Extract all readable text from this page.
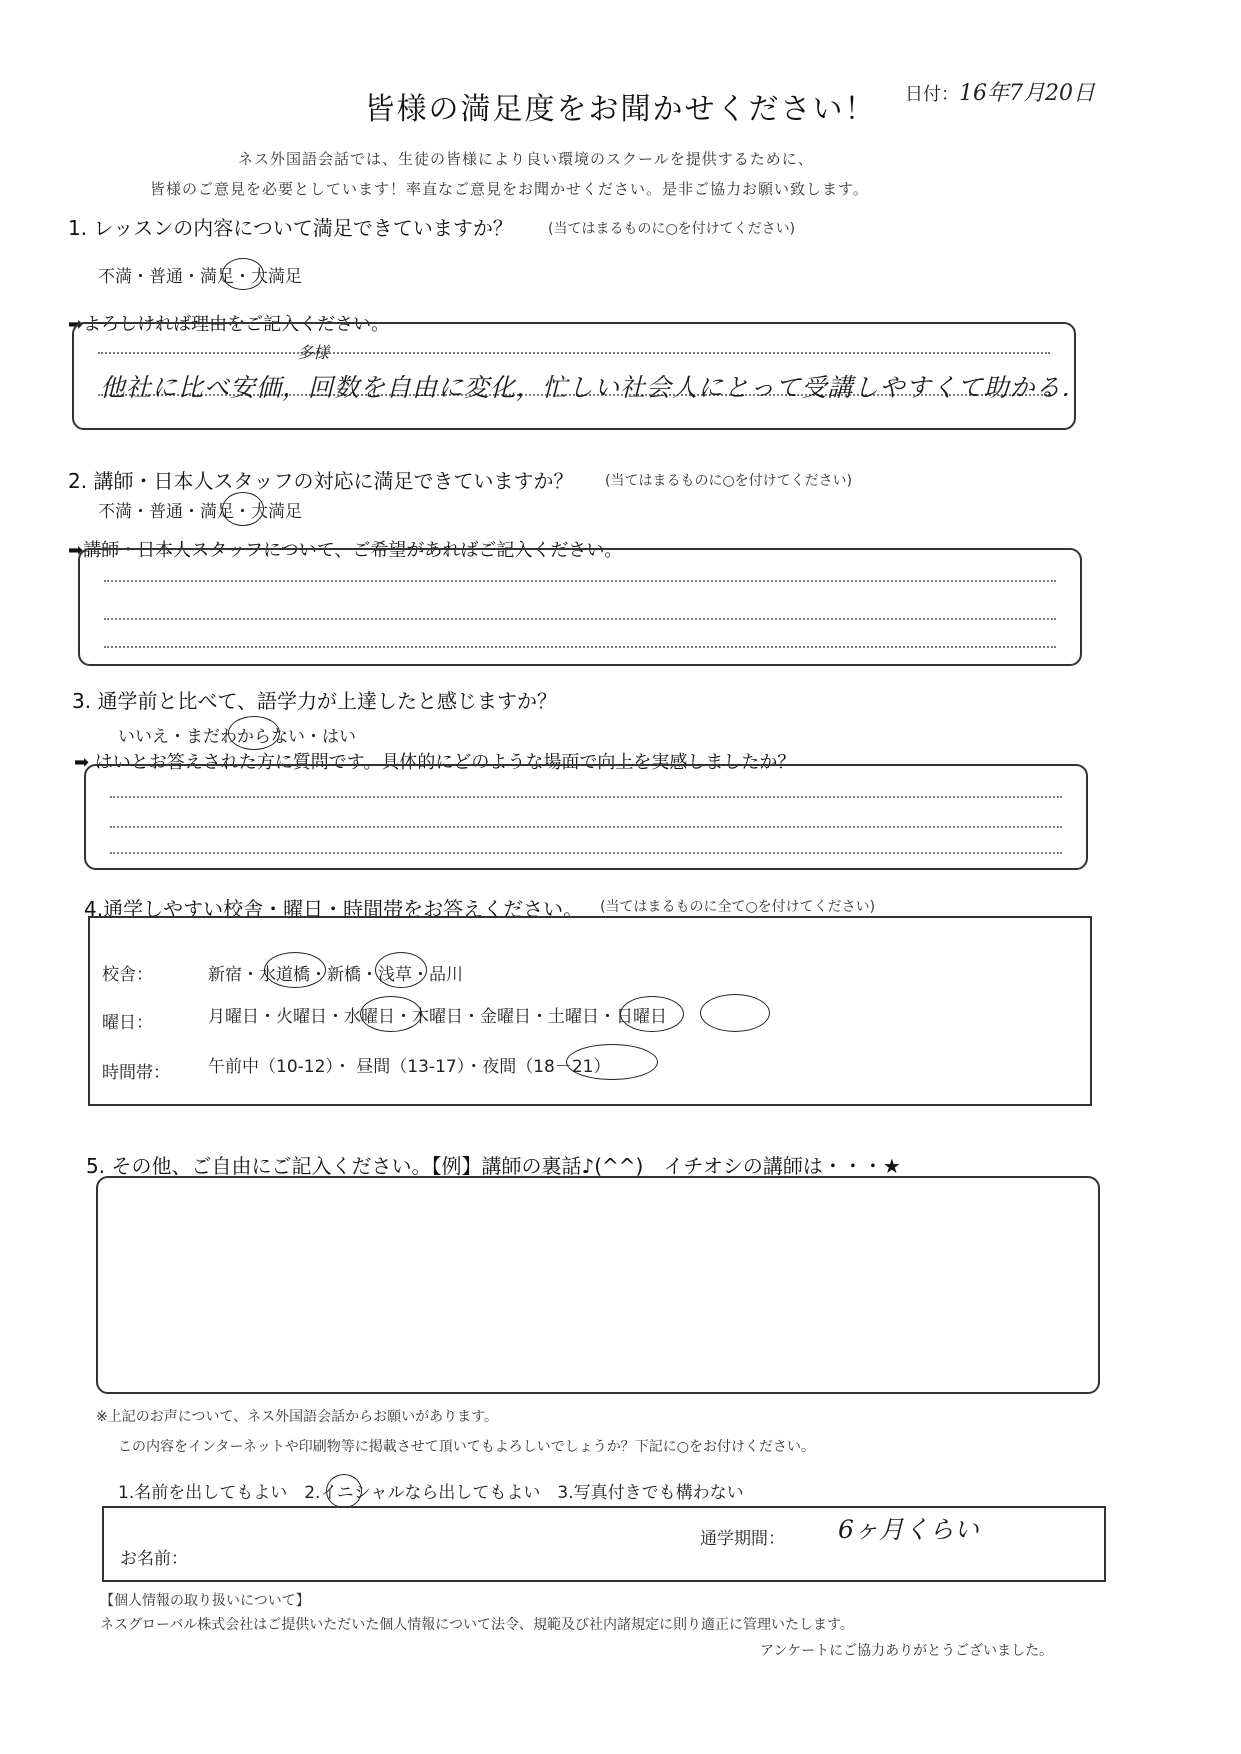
皆様の満足度をお聞かせください！	日付：16年7月20日
ネス外国語会話では、生徒の皆様により良い環境のスクールを提供するために、
皆様のご意見を必要としています！率直なご意見をお聞かせください。是非ご協力お願い致します。
1. レッスンの内容について満足できていますか？	(当てはまるものに○を付けてください)
不満・普通・満足・大満足
➡よろしければ理由をご記入ください。
多様
他社に比べ安価，回数を自由に変化，忙しい社会人にとって受講しやすくて助かる．
2. 講師・日本人スタッフの対応に満足できていますか？ (当てはまるものに○を付けてください)
不満・普通・満足・大満足
➡講師・日本人スタッフについて、ご希望があればご記入ください。
3. 通学前と比べて、語学力が上達したと感じますか？
いいえ・まだわからない・はい
➡ はいとお答えされた方に質問です。具体的にどのような場面で向上を実感しましたか？
4.通学しやすい校舎・曜日・時間帯をお答えください。 (当てはまるものに全て○を付けてください)
校舎：	新宿・水道橋・新橋・浅草・品川
曜日：	月曜日・火曜日・水曜日・木曜日・金曜日・土曜日・日曜日
時間帯： 午前中（10-12）・ 昼間（13-17）・夜間（18－21）
5. その他、ご自由にご記入ください。【例】講師の裏話♪(^^)　イチオシの講師は・・・★
※上記のお声について、ネス外国語会話からお願いがあります。
この内容をインターネットや印刷物等に掲載させて頂いてもよろしいでしょうか？下記に○をお付けください。
1.名前を出してもよい　2.イニシャルなら出してもよい　3.写真付きでも構わない
お名前：
通学期間： 6ヶ月くらい
【個人情報の取り扱いについて】
ネスグローバル株式会社はご提供いただいた個人情報について法令、規範及び社内諸規定に則り適正に管理いたします。
アンケートにご協力ありがとうございました。
